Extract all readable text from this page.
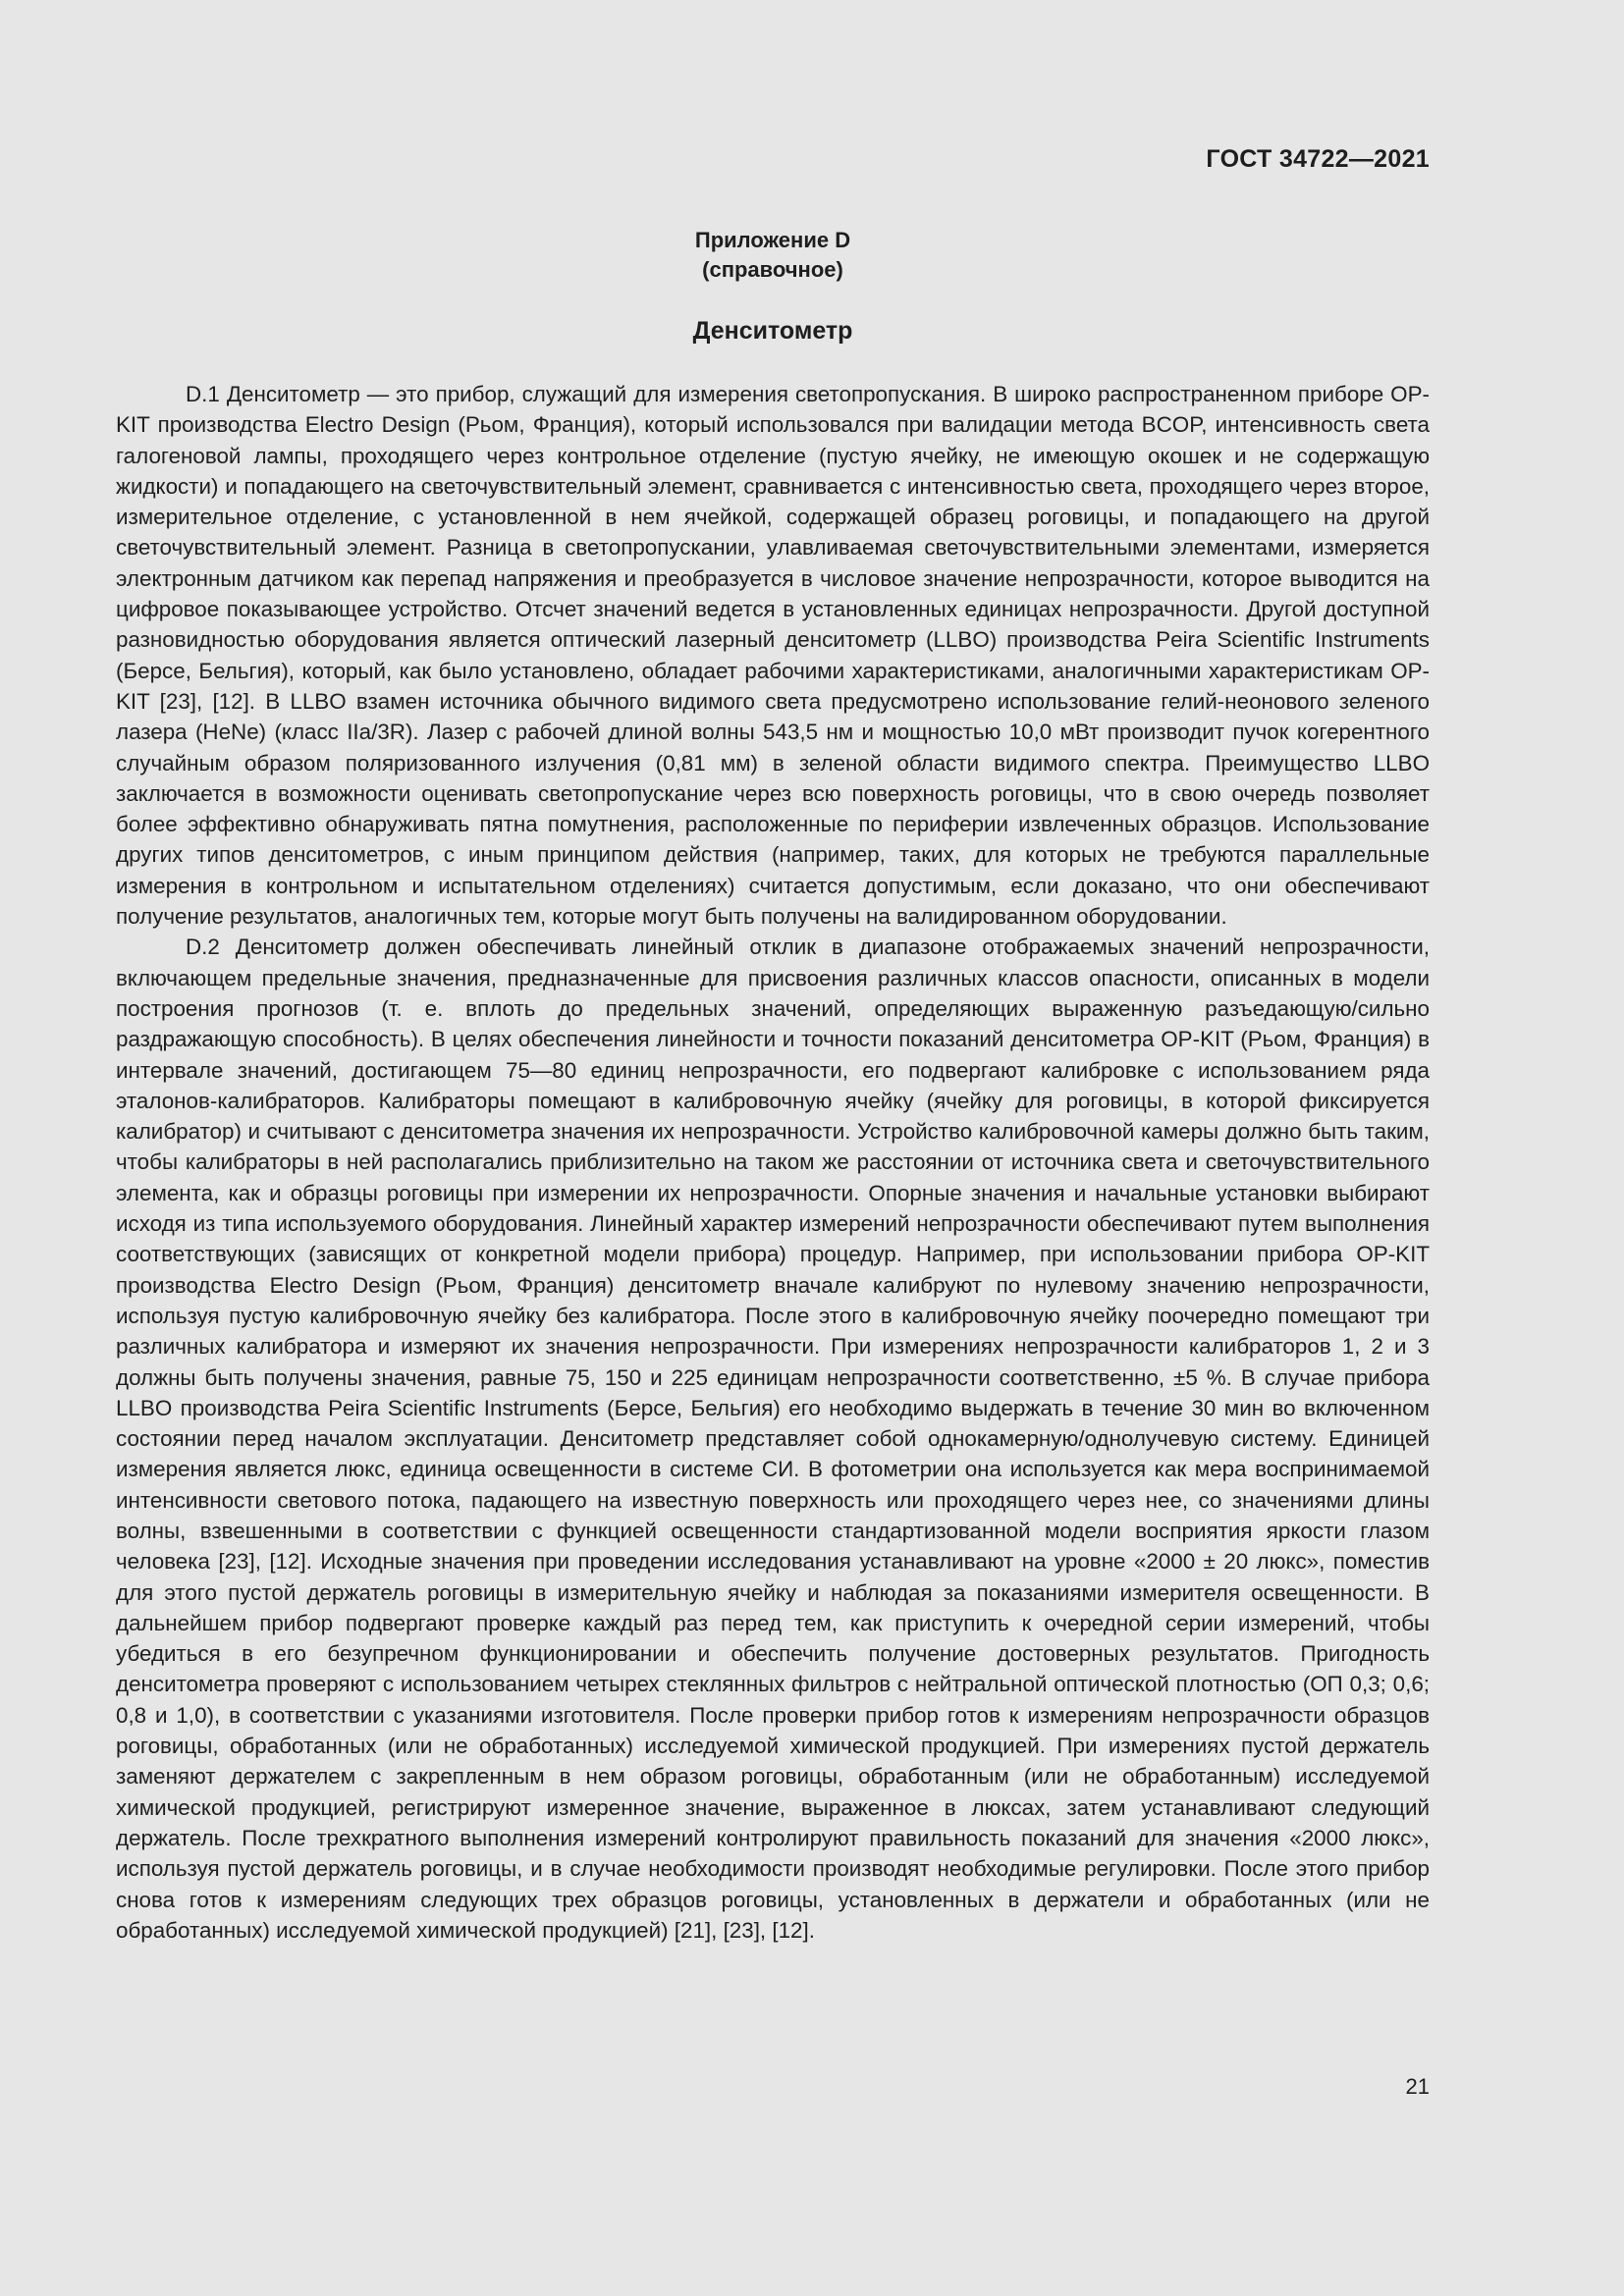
ГОСТ 34722—2021
Приложение D
(справочное)
Денситометр

D.1 Денситометр — это прибор, служащий для измерения светопропускания. В широко распространенном приборе OP-KIT производства Electro Design (Рьом, Франция), который использовался при валидации метода BCOP, интенсивность света галогеновой лампы, проходящего через контрольное отделение (пустую ячейку, не имеющую окошек и не содержащую жидкости) и попадающего на светочувствительный элемент, сравнивается с интенсивностью света, проходящего через второе, измерительное отделение, с установленной в нем ячейкой, содержащей образец роговицы, и попадающего на другой светочувствительный элемент. Разница в светопропускании, улавливаемая светочувствительными элементами, измеряется электронным датчиком как перепад напряжения и преобразуется в числовое значение непрозрачности, которое выводится на цифровое показывающее устройство. Отсчет значений ведется в установленных единицах непрозрачности. Другой доступной разновидностью оборудования является оптический лазерный денситометр (LLBO) производства Peira Scientific Instruments (Берсе, Бельгия), который, как было установлено, обладает рабочими характеристиками, аналогичными характеристикам OP-KIT [23], [12]. В LLBO взамен источника обычного видимого света предусмотрено использование гелий-неонового зеленого лазера (HeNe) (класс IIa/3R). Лазер с рабочей длиной волны 543,5 нм и мощностью 10,0 мВт производит пучок когерентного случайным образом поляризованного излучения (0,81 мм) в зеленой области видимого спектра. Преимущество LLBO заключается в возможности оценивать светопропускание через всю поверхность роговицы, что в свою очередь позволяет более эффективно обнаруживать пятна помутнения, расположенные по периферии извлеченных образцов. Использование других типов денситометров, с иным принципом действия (например, таких, для которых не требуются параллельные измерения в контрольном и испытательном отделениях) считается допустимым, если доказано, что они обеспечивают получение результатов, аналогичных тем, которые могут быть получены на валидированном оборудовании.

D.2 Денситометр должен обеспечивать линейный отклик в диапазоне отображаемых значений непрозрачности, включающем предельные значения, предназначенные для присвоения различных классов опасности, описанных в модели построения прогнозов (т. е. вплоть до предельных значений, определяющих выраженную разъедающую/сильно раздражающую способность). В целях обеспечения линейности и точности показаний денситометра OP-KIT (Рьом, Франция) в интервале значений, достигающем 75—80 единиц непрозрачности, его подвергают калибровке с использованием ряда эталонов-калибраторов. Калибраторы помещают в калибровочную ячейку (ячейку для роговицы, в которой фиксируется калибратор) и считывают с денситометра значения их непрозрачности. Устройство калибровочной камеры должно быть таким, чтобы калибраторы в ней располагались приблизительно на таком же расстоянии от источника света и светочувствительного элемента, как и образцы роговицы при измерении их непрозрачности. Опорные значения и начальные установки выбирают исходя из типа используемого оборудования. Линейный характер измерений непрозрачности обеспечивают путем выполнения соответствующих (зависящих от конкретной модели прибора) процедур. Например, при использовании прибора OP-KIT производства Electro Design (Рьом, Франция) денситометр вначале калибруют по нулевому значению непрозрачности, используя пустую калибровочную ячейку без калибратора. После этого в калибровочную ячейку поочередно помещают три различных калибратора и измеряют их значения непрозрачности. При измерениях непрозрачности калибраторов 1, 2 и 3 должны быть получены значения, равные 75, 150 и 225 единицам непрозрачности соответственно, ±5 %. В случае прибора LLBO производства Peira Scientific Instruments (Берсе, Бельгия) его необходимо выдержать в течение 30 мин во включенном состоянии перед началом эксплуатации. Денситометр представляет собой однокамерную/однолучевую систему. Единицей измерения является люкс, единица освещенности в системе СИ. В фотометрии она используется как мера воспринимаемой интенсивности светового потока, падающего на известную поверхность или проходящего через нее, со значениями длины волны, взвешенными в соответствии с функцией освещенности стандартизованной модели восприятия яркости глазом человека [23], [12]. Исходные значения при проведении исследования устанавливают на уровне «2000 ± 20 люкс», поместив для этого пустой держатель роговицы в измерительную ячейку и наблюдая за показаниями измерителя освещенности. В дальнейшем прибор подвергают проверке каждый раз перед тем, как приступить к очередной серии измерений, чтобы убедиться в его безупречном функционировании и обеспечить получение достоверных результатов. Пригодность денситометра проверяют с использованием четырех стеклянных фильтров с нейтральной оптической плотностью (ОП 0,3; 0,6; 0,8 и 1,0), в соответствии с указаниями изготовителя. После проверки прибор готов к измерениям непрозрачности образцов роговицы, обработанных (или не обработанных) исследуемой химической продукцией. При измерениях пустой держатель заменяют держателем с закрепленным в нем образом роговицы, обработанным (или не обработанным) исследуемой химической продукцией, регистрируют измеренное значение, выраженное в люксах, затем устанавливают следующий держатель. После трехкратного выполнения измерений контролируют правильность показаний для значения «2000 люкс», используя пустой держатель роговицы, и в случае необходимости производят необходимые регулировки. После этого прибор снова готов к измерениям следующих трех образцов роговицы, установленных в держатели и обработанных (или не обработанных) исследуемой химической продукцией) [21], [23], [12].

21
